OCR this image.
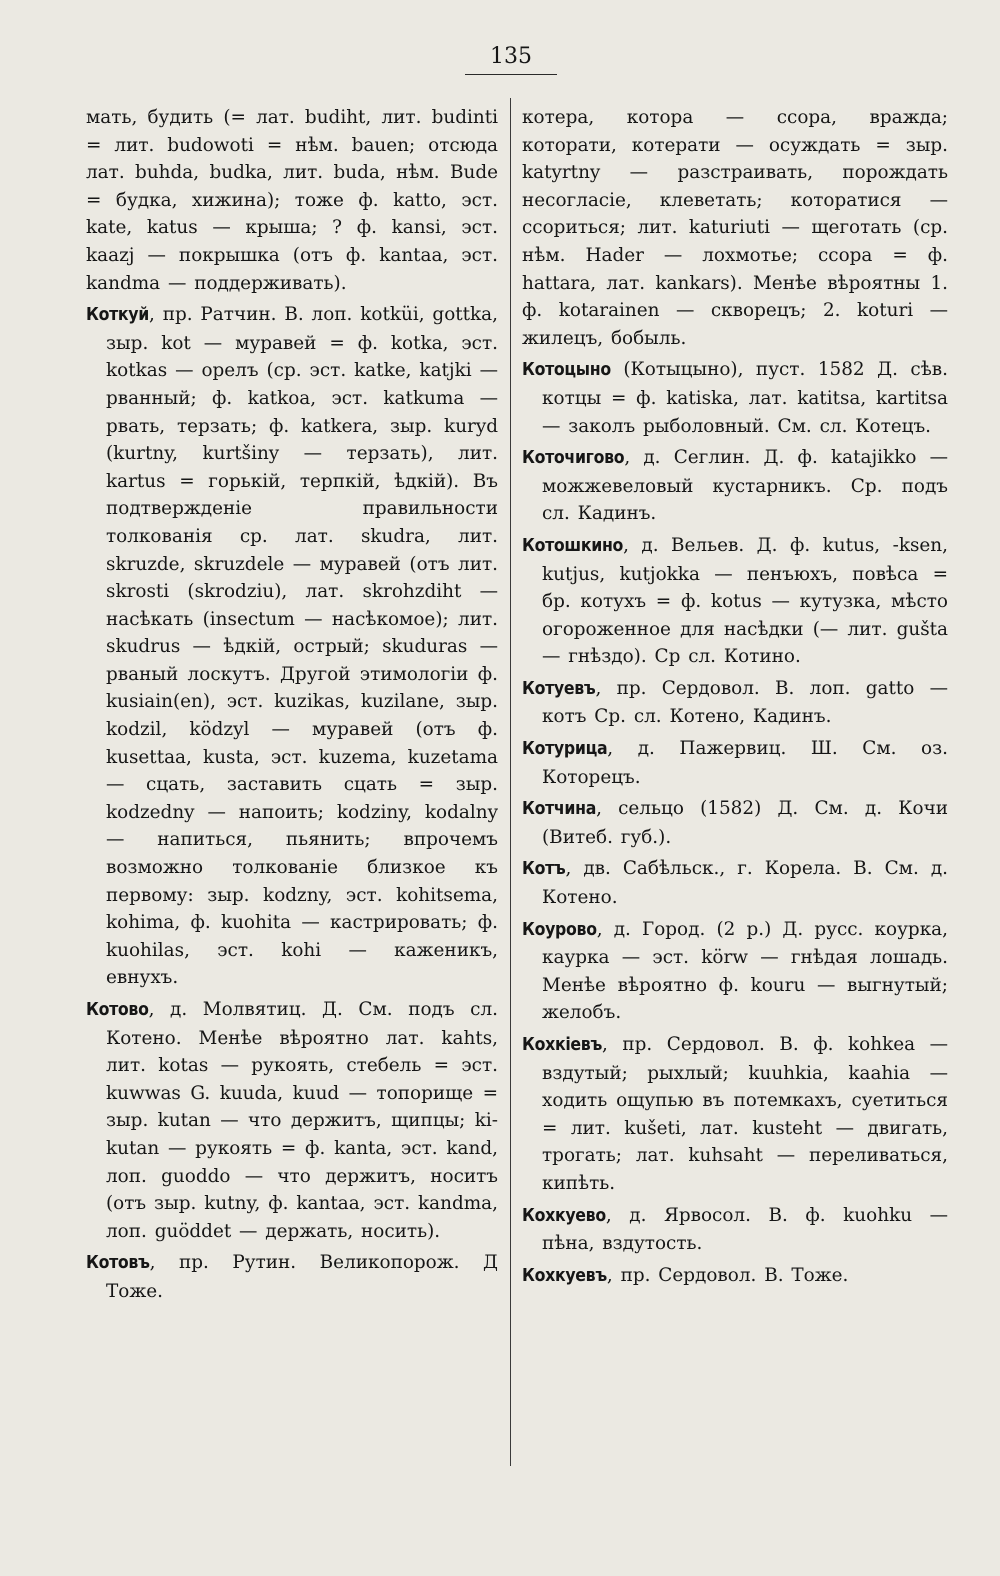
135

мать, будить (= лат. budiht, лит. budinti = лит. budowoti = нѣм. bauen; отсюда лат. buhda, budka, лит. buda, нѣм. Bude = будка, хижина); тоже ф. katto, эст. kate, katus — крыша; ? ф. kansi, эст. kaazj — покрышка (отъ ф. kantaa, эст. kandma — поддерживать).

Коткуй, пр. Ратчин. В. лоп. kotküi, gottka, зыр. kot — муравей = ф. kotka, эст. kotkas — орелъ (ср. эст. katke, katjki — рванный; ф. katkoa, эст. katkuma — рвать, терзать; ф. katkera, зыр. kuryd (kurtny, kurtšiny — терзать), лит. kartus = горькій, терпкій, ѣдкій). Въ подтвержденіе правильности толкованія ср. лат. skudra, лит. skruzde, skruzdele — муравей (отъ лит. skrosti (skrodziu), лат. skrohzdiht — насѣкать (insectum — насѣкомое); лит. skudrus — ѣдкій, острый; skuduras — рваный лоскутъ. Другой этимологіи ф. kusiain(en), эст. kuzikas, kuzilane, зыр. kodzil, ködzyl — муравей (отъ ф. kusettaa, kusta, эст. kuzema, kuzetama — сцать, заставить сцать = зыр. kodzedny — напоить; kodziny, kodalny — напиться, пьянить; впрочемъ возможно толкованіе близкое къ первому: зыр. kodzny, эст. kohitsema, kohima, ф. kuohita — кастрировать; ф. kuohilas, эст. kohi — каженикъ, евнухъ.

Котово, д. Молвятиц. Д. См. подъ сл. Котено. Менѣе вѣроятно лат. kahts, лит. kotas — рукоять, стебель = эст. kuwwas G. kuuda, kuud — топорище = зыр. kutan — что держитъ, щипцы; ki-kutan — рукоять = ф. kanta, эст. kand, лоп. guoddo — что держитъ, носитъ (отъ зыр. kutny, ф. kantaa, эст. kandma, лоп. guöddet — держать, носить).

Котовъ, пр. Рутин. Великопорож. Д Тоже.

котера, котора — ссора, вражда; которати, котерати — осуждать = зыр. katyrtny — разстраивать, порождать несогласіе, клеветать; которатися — ссориться; лит. katuriuti — щеготать (ср. нѣм. Hader — лохмотье; ссора = ф. hattara, лат. kankars). Менѣе вѣроятны 1. ф. kotarainen — скворецъ; 2. koturi — жилецъ, бобыль.

Котоцыно (Котыцыно), пуст. 1582 Д. сѣв. котцы = ф. katiska, лат. katitsa, kartitsa — заколъ рыболовный. См. сл. Котецъ.

Коточигово, д. Сеглин. Д. ф. katajikko — можжевеловый кустарникъ. Ср. подъ сл. Кадинъ.

Котошкино, д. Вельев. Д. ф. kutus, -ksen, kutjus, kutjokka — пенъюхъ, повѣса = бр. котухъ = ф. kotus — кутузка, мѣсто огороженное для насѣдки (— лит. gušta — гнѣздо). Ср сл. Котино.

Котуевъ, пр. Сердовол. В. лоп. gatto — котъ Ср. сл. Котено, Кадинъ.

Котурица, д. Пажервиц. Ш. См. оз. Которецъ.

Котчина, сельцо (1582) Д. См. д. Кочи (Витеб. губ.).

Котъ, дв. Сабѣльск., г. Корела. В. См. д. Котено.

Коурово, д. Город. (2 р.) Д. русс. коурка, каурка — эст. körw — гнѣдая лошадь. Менѣе вѣроятно ф. kouru — выгнутый; желобъ.

Кохкіевъ, пр. Сердовол. В. ф. kohkea — вздутый; рыхлый; kuuhkia, kaahia — ходить ощупью въ потемкахъ, суетиться = лит. kušeti, лат. kusteht — двигать, трогать; лат. kuhsaht — переливаться, кипѣть.

Кохкуево, д. Ярвосол. В. ф. kuohku — пѣна, вздутость.

Кохкуевъ, пр. Сердовол. В. Тоже.
